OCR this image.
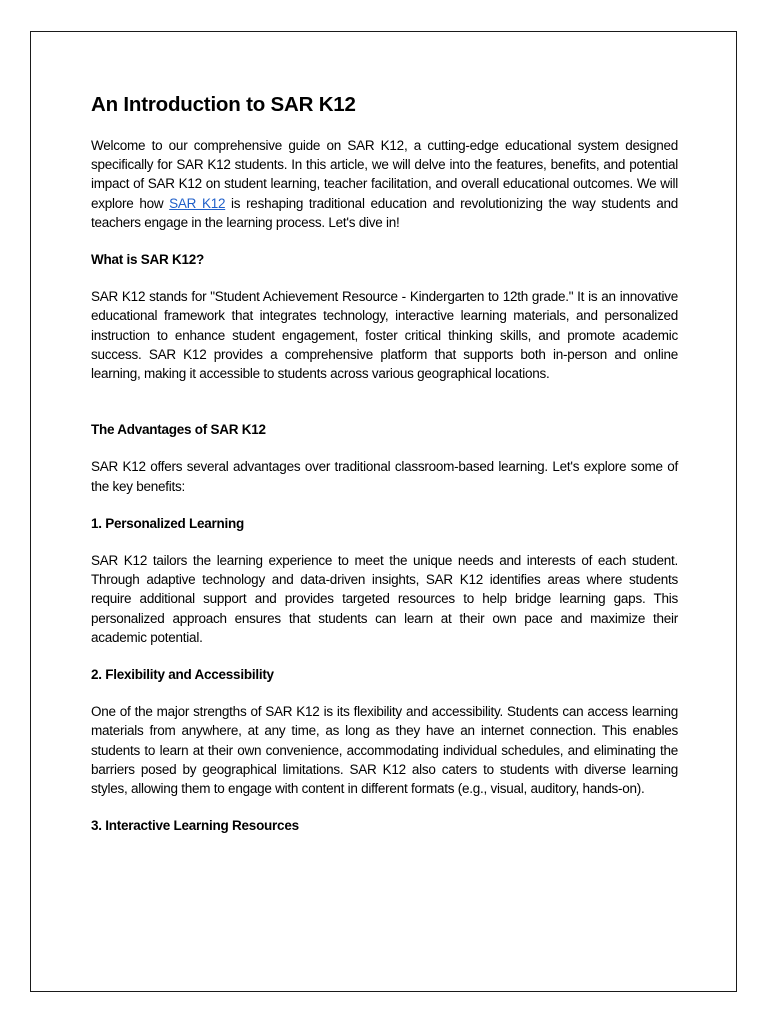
An Introduction to SAR K12

Welcome to our comprehensive guide on SAR K12, a cutting-edge educational system designed specifically for SAR K12 students. In this article, we will delve into the features, benefits, and potential impact of SAR K12 on student learning, teacher facilitation, and overall educational outcomes. We will explore how SAR K12 is reshaping traditional education and revolutionizing the way students and teachers engage in the learning process. Let's dive in!

What is SAR K12?

SAR K12 stands for "Student Achievement Resource - Kindergarten to 12th grade." It is an innovative educational framework that integrates technology, interactive learning materials, and personalized instruction to enhance student engagement, foster critical thinking skills, and promote academic success. SAR K12 provides a comprehensive platform that supports both in-person and online learning, making it accessible to students across various geographical locations.

The Advantages of SAR K12

SAR K12 offers several advantages over traditional classroom-based learning. Let's explore some of the key benefits:

1. Personalized Learning

SAR K12 tailors the learning experience to meet the unique needs and interests of each student. Through adaptive technology and data-driven insights, SAR K12 identifies areas where students require additional support and provides targeted resources to help bridge learning gaps. This personalized approach ensures that students can learn at their own pace and maximize their academic potential.

2. Flexibility and Accessibility

One of the major strengths of SAR K12 is its flexibility and accessibility. Students can access learning materials from anywhere, at any time, as long as they have an internet connection. This enables students to learn at their own convenience, accommodating individual schedules, and eliminating the barriers posed by geographical limitations. SAR K12 also caters to students with diverse learning styles, allowing them to engage with content in different formats (e.g., visual, auditory, hands-on).

3. Interactive Learning Resources
